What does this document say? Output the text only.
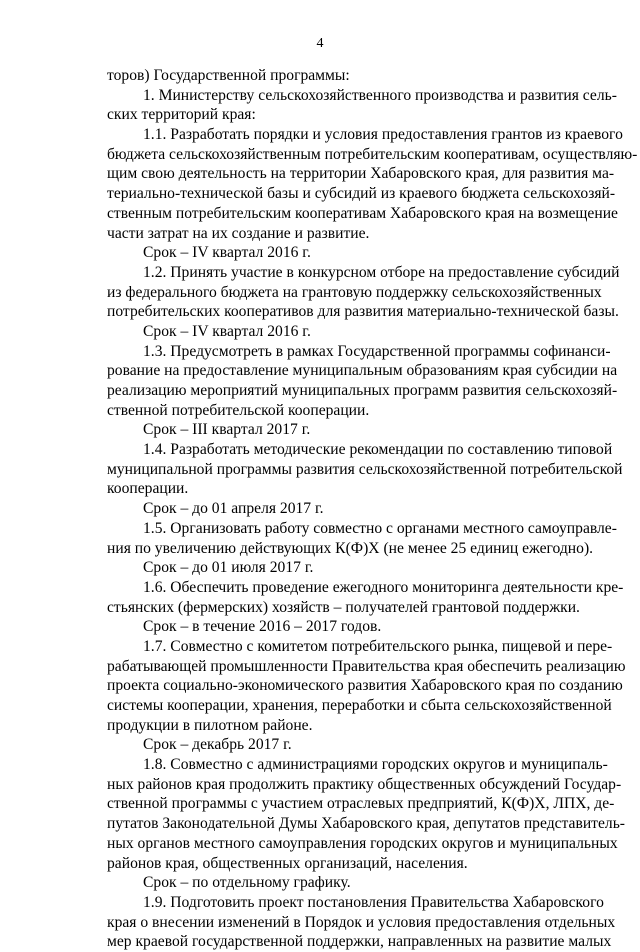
4
торов) Государственной программы:
1. Министерству сельскохозяйственного производства и развития сель-
ских территорий края:
1.1. Разработать порядки и условия предоставления грантов из краевого
бюджета сельскохозяйственным потребительским кооперативам, осуществляю-
щим свою деятельность на территории Хабаровского края, для развития ма-
териально-технической базы и субсидий из краевого бюджета сельскохозяй-
ственным потребительским кооперативам Хабаровского края на возмещение
части затрат на их создание и развитие.
Срок – IV квартал 2016 г.
1.2. Принять участие в конкурсном отборе на предоставление субсидий
из федерального бюджета на грантовую поддержку сельскохозяйственных
потребительских кооперативов для развития материально-технической базы.
Срок – IV квартал 2016 г.
1.3. Предусмотреть в рамках Государственной программы софинанси-
рование на предоставление муниципальным образованиям края субсидии на
реализацию мероприятий муниципальных программ развития сельскохозяй-
ственной потребительской кооперации.
Срок – III квартал 2017 г.
1.4. Разработать методические рекомендации по составлению типовой
муниципальной программы развития сельскохозяйственной потребительской
кооперации.
Срок – до 01 апреля 2017 г.
1.5. Организовать работу совместно с органами местного самоуправле-
ния по увеличению действующих К(Ф)Х (не менее 25 единиц ежегодно).
Срок – до 01 июля 2017 г.
1.6. Обеспечить проведение ежегодного мониторинга деятельности кре-
стьянских (фермерских) хозяйств – получателей грантовой поддержки.
Срок – в течение 2016 – 2017 годов.
1.7. Совместно с комитетом потребительского рынка, пищевой и пере-
рабатывающей промышленности Правительства края обеспечить реализацию
проекта социально-экономического развития Хабаровского края по созданию
системы кооперации, хранения, переработки и сбыта сельскохозяйственной
продукции в пилотном районе.
Срок – декабрь 2017 г.
1.8. Совместно с администрациями городских округов и муниципаль-
ных районов края продолжить практику общественных обсуждений Государ-
ственной программы с участием отраслевых предприятий, К(Ф)Х, ЛПХ, де-
путатов Законодательной Думы Хабаровского края, депутатов представитель-
ных органов местного самоуправления городских округов и муниципальных
районов края, общественных организаций, населения.
Срок – по отдельному графику.
1.9. Подготовить проект постановления Правительства Хабаровского
края о внесении изменений в Порядок и условия предоставления отдельных
мер краевой государственной поддержки, направленных на развитие малых
